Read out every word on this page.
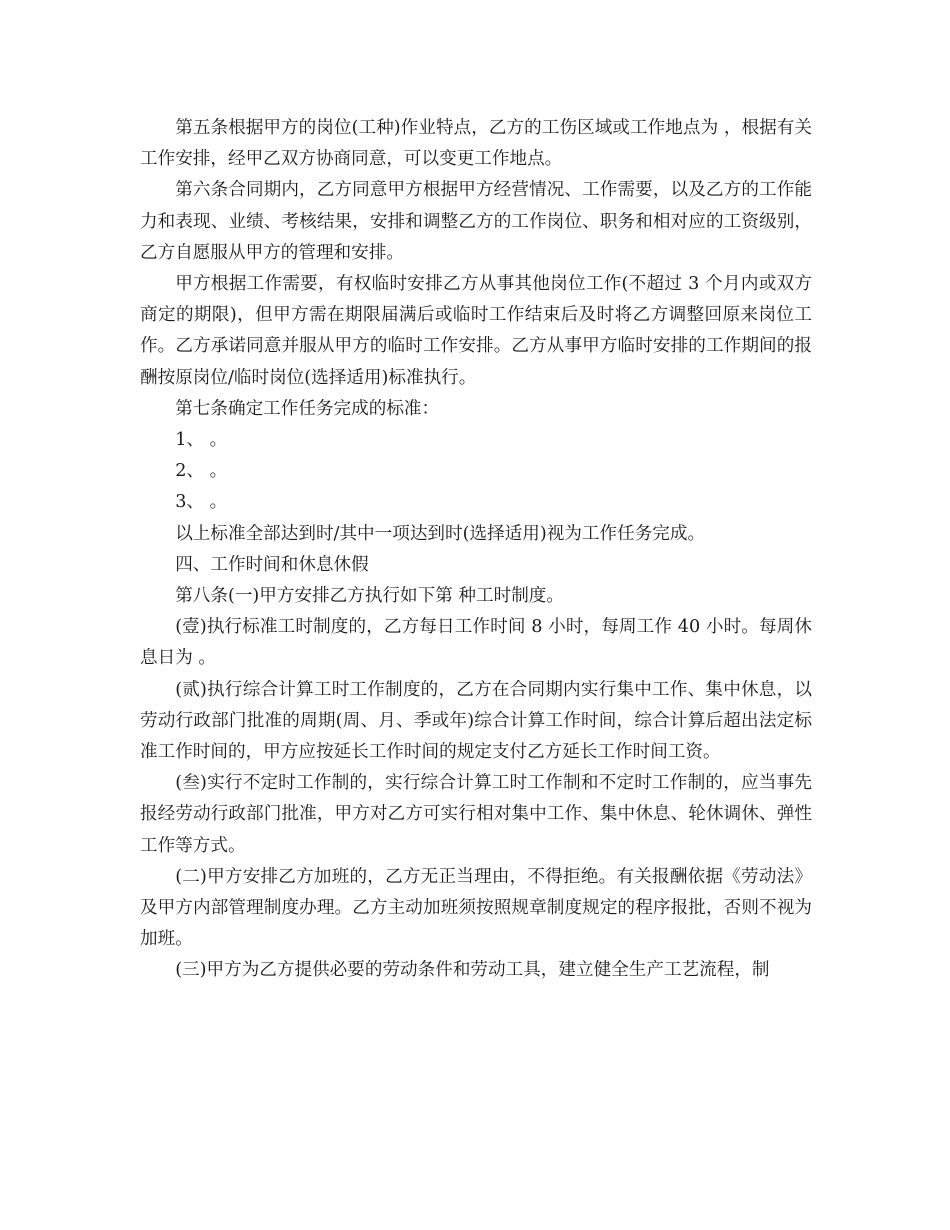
第五条根据甲方的岗位(工种)作业特点，乙方的工伤区域或工作地点为 ，根据有关工作安排，经甲乙双方协商同意，可以变更工作地点。

第六条合同期内，乙方同意甲方根据甲方经营情况、工作需要，以及乙方的工作能力和表现、业绩、考核结果，安排和调整乙方的工作岗位、职务和相对应的工资级别，乙方自愿服从甲方的管理和安排。

甲方根据工作需要，有权临时安排乙方从事其他岗位工作(不超过 3 个月内或双方商定的期限)，但甲方需在期限届满后或临时工作结束后及时将乙方调整回原来岗位工作。乙方承诺同意并服从甲方的临时工作安排。乙方从事甲方临时安排的工作期间的报酬按原岗位/临时岗位(选择适用)标准执行。

第七条确定工作任务完成的标准：

1、 。

2、 。

3、 。

以上标准全部达到时/其中一项达到时(选择适用)视为工作任务完成。

四、工作时间和休息休假

第八条(一)甲方安排乙方执行如下第 种工时制度。

(壹)执行标准工时制度的，乙方每日工作时间 8 小时，每周工作 40 小时。每周休息日为 。

(贰)执行综合计算工时工作制度的，乙方在合同期内实行集中工作、集中休息，以劳动行政部门批准的周期(周、月、季或年)综合计算工作时间，综合计算后超出法定标准工作时间的，甲方应按延长工作时间的规定支付乙方延长工作时间工资。

(叁)实行不定时工作制的，实行综合计算工时工作制和不定时工作制的，应当事先报经劳动行政部门批准，甲方对乙方可实行相对集中工作、集中休息、轮休调休、弹性工作等方式。

(二)甲方安排乙方加班的，乙方无正当理由，不得拒绝。有关报酬依据《劳动法》及甲方内部管理制度办理。乙方主动加班须按照规章制度规定的程序报批，否则不视为加班。

(三)甲方为乙方提供必要的劳动条件和劳动工具，建立健全生产工艺流程，制
